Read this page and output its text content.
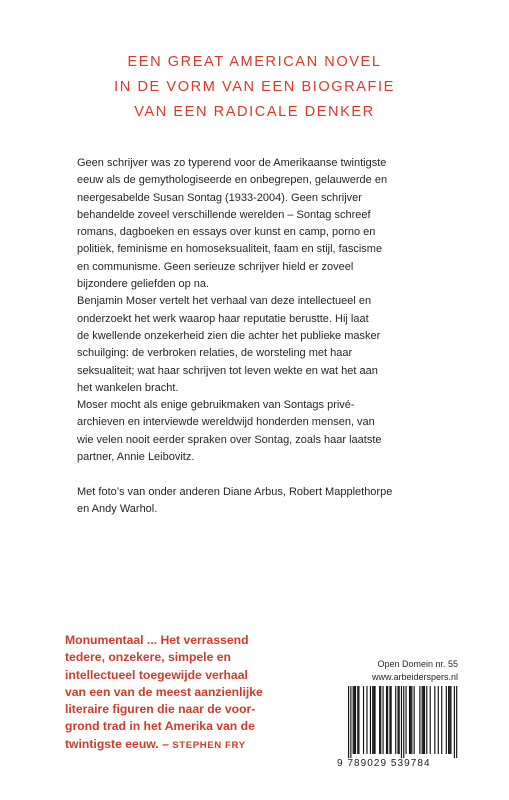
EEN GREAT AMERICAN NOVEL
IN DE VORM VAN EEN BIOGRAFIE
VAN EEN RADICALE DENKER
Geen schrijver was zo typerend voor de Amerikaanse twintigste
eeuw als de gemythologiseerde en onbegrepen, gelauwerde en
neergesabelde Susan Sontag (1933-2004). Geen schrijver
behandelde zoveel verschillende werelden – Sontag schreef
romans, dagboeken en essays over kunst en camp, porno en
politiek, feminisme en homoseksualiteit, faam en stijl, fascisme
en communisme. Geen serieuze schrijver hield er zoveel
bijzondere geliefden op na.
Benjamin Moser vertelt het verhaal van deze intellectueel en
onderzoekt het werk waarop haar reputatie berustte. Hij laat
de kwellende onzekerheid zien die achter het publieke masker
schuilging: de verbroken relaties, de worsteling met haar
seksualiteit; wat haar schrijven tot leven wekte en wat het aan
het wankelen bracht.
Moser mocht als enige gebruikmaken van Sontags privé-
archieven en interviewde wereldwijd honderden mensen, van
wie velen nooit eerder spraken over Sontag, zoals haar laatste
partner, Annie Leibovitz.
Met foto’s van onder anderen Diane Arbus, Robert Mapplethorpe
en Andy Warhol.
Monumentaal ... Het verrassend
tedere, onzekere, simpele en
intellectueel toegewijde verhaal
van een van de meest aanzienlijke
literaire figuren die naar de voor-
grond trad in het Amerika van de
twintigste eeuw. – STEPHEN FRY
Open Domein nr. 55
www.arbeiderspers.nl
9 789029 539784
